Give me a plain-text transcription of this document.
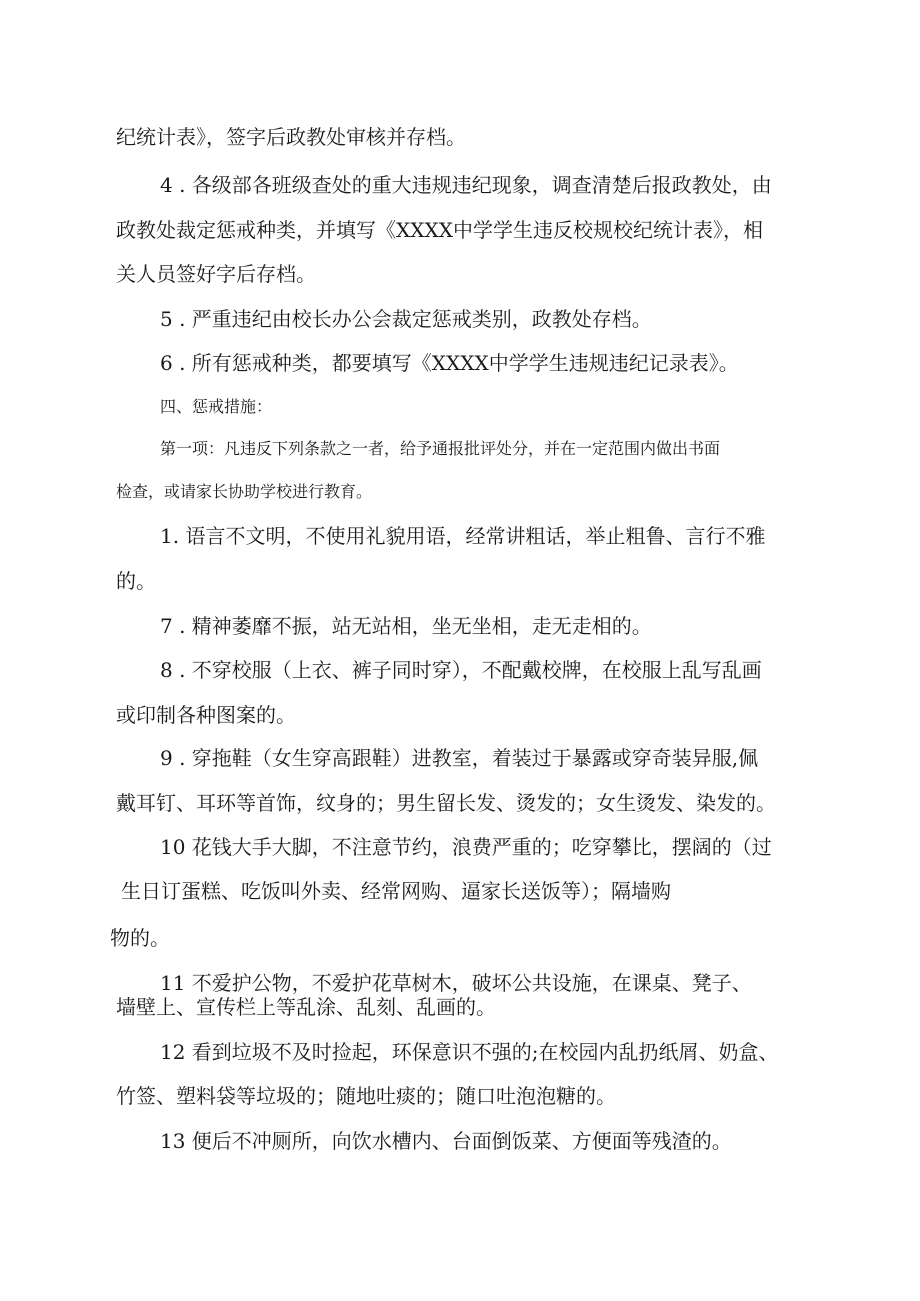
纪统计表》，签字后政教处审核并存档。
4 . 各级部各班级查处的重大违规违纪现象，调查清楚后报政教处，由
政教处裁定惩戒种类，并填写《XXXX中学学生违反校规校纪统计表》，相
关人员签好字后存档。
5 . 严重违纪由校长办公会裁定惩戒类别，政教处存档。
6 . 所有惩戒种类，都要填写《XXXX中学学生违规违纪记录表》。
四、惩戒措施：
第一项：凡违反下列条款之一者，给予通报批评处分，并在一定范围内做出书面
检查，或请家长协助学校进行教育。
1. 语言不文明，不使用礼貌用语，经常讲粗话，举止粗鲁、言行不雅
的。
7 . 精神萎靡不振，站无站相，坐无坐相，走无走相的。
8 . 不穿校服（上衣、裤子同时穿），不配戴校牌，在校服上乱写乱画
或印制各种图案的。
9 . 穿拖鞋（女生穿高跟鞋）进教室，着装过于暴露或穿奇装异服,佩
戴耳钉、耳环等首饰，纹身的；男生留长发、烫发的；女生烫发、染发的。
10 花钱大手大脚，不注意节约，浪费严重的；吃穿攀比，摆阔的（过
生日订蛋糕、吃饭叫外卖、经常网购、逼家长送饭等）；隔墙购
物的。
11 不爱护公物，不爱护花草树木，破坏公共设施，在课桌、凳子、
墙壁上、宣传栏上等乱涂、乱刻、乱画的。
12 看到垃圾不及时捡起，环保意识不强的;在校园内乱扔纸屑、奶盒、
竹签、塑料袋等垃圾的；随地吐痰的；随口吐泡泡糖的。
13 便后不冲厕所，向饮水槽内、台面倒饭菜、方便面等残渣的。
